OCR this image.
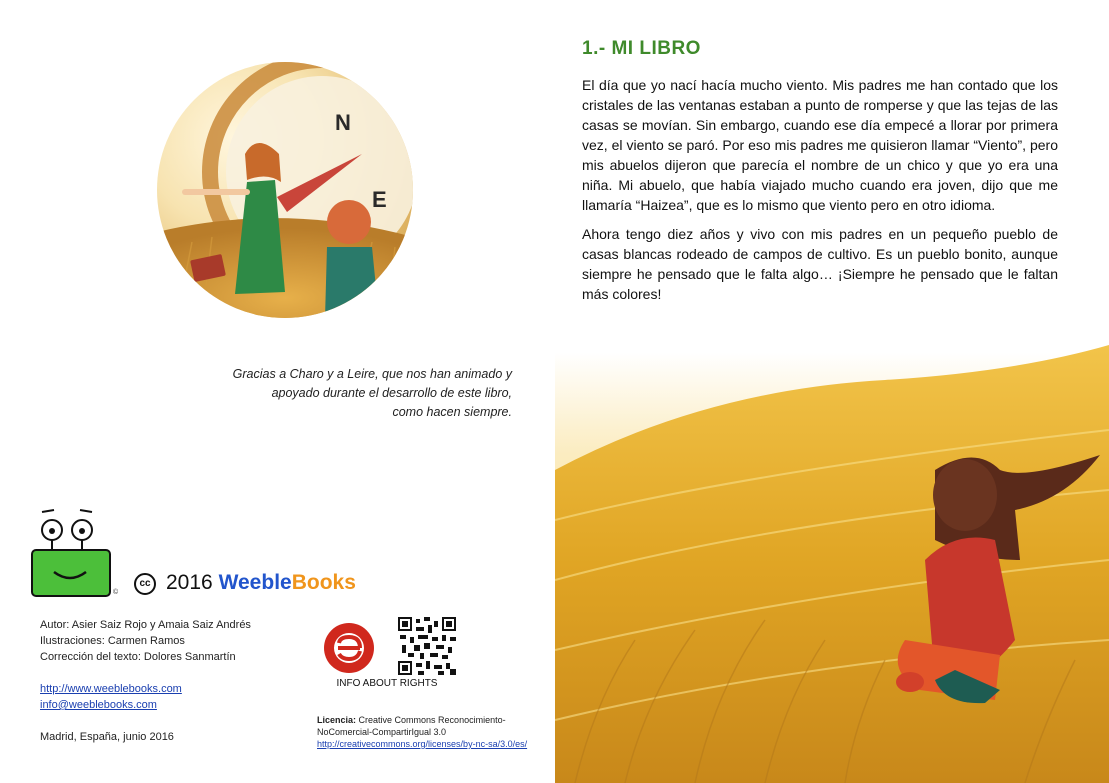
N
E
Gracias a Charo y a Leire, que nos han animado y
apoyado durante el desarrollo de este libro,
como hacen siempre.
©
cc 2016 WeebleBooks
Autor: Asier Saiz Rojo y Amaia Saiz Andrés
Ilustraciones: Carmen Ramos
Corrección del texto: Dolores Sanmartín
http://www.weeblebooks.com
info@weeblebooks.com
Madrid, España, junio 2016
INFO ABOUT RIGHTS
Licencia: Creative Commons Reconocimiento-
NoComercial-CompartirIgual 3.0
http://creativecommons.org/licenses/by-nc-sa/3.0/es/
1.- MI LIBRO

El día que yo nací hacía mucho viento. Mis padres me han contado que los cristales de las ventanas estaban a punto de romperse y que las tejas de las casas se movían. Sin embargo, cuando ese día empecé a llorar por primera vez, el viento se paró. Por eso mis padres me quisieron llamar “Viento”, pero mis abuelos dijeron que parecía el nombre de un chico y que yo era una niña. Mi abuelo, que había viajado mucho cuando era joven, dijo que me llamaría “Haizea”, que es lo mismo que viento pero en otro idioma.

Ahora tengo diez años y vivo con mis padres en un pequeño pueblo de casas blancas rodeado de campos de cultivo. Es un pueblo bonito, aunque siempre he pensado que le falta algo… ¡Siempre he pensado que le faltan más colores!
